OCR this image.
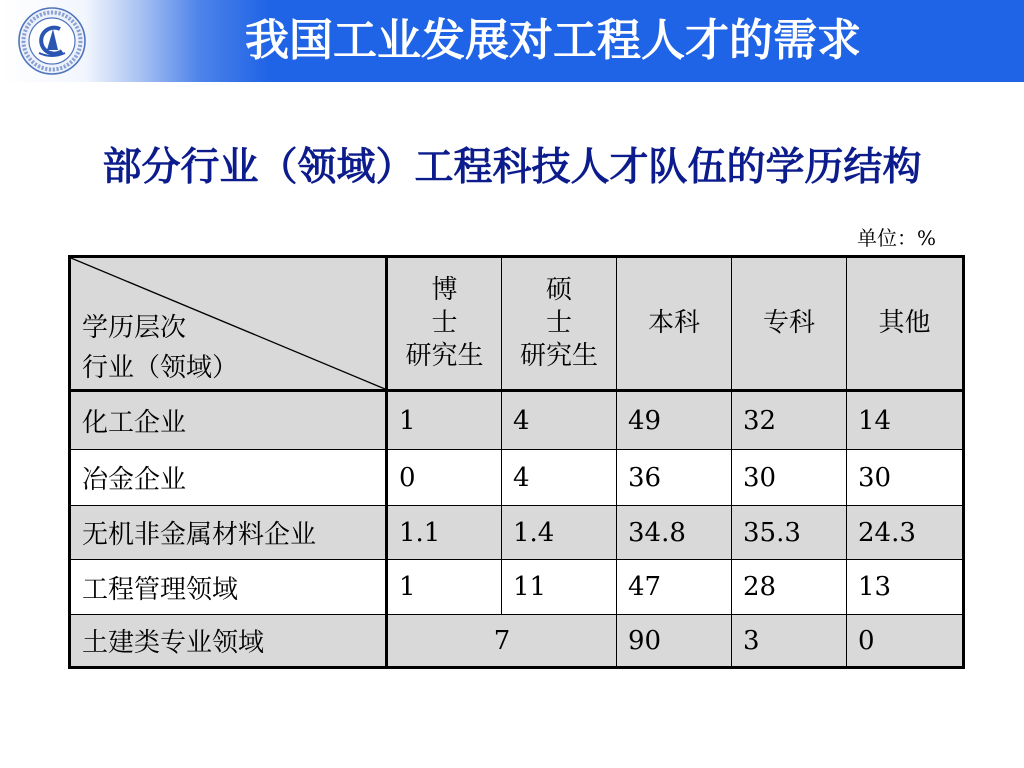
我国工业发展对工程人才的需求
部分行业（领域）工程科技人才队伍的学历结构
单位：%
学历层次
行业（领域）	博
士
研究生	硕
士
研究生	本科	专科	其他

化工企业	1	4	49	32	14
冶金企业	0	4	36	30	30
无机非金属材料企业	1.1	1.4	34.8	35.3	24.3
工程管理领域	1	11	47	28	13
土建类专业领域	7		90	3	0
